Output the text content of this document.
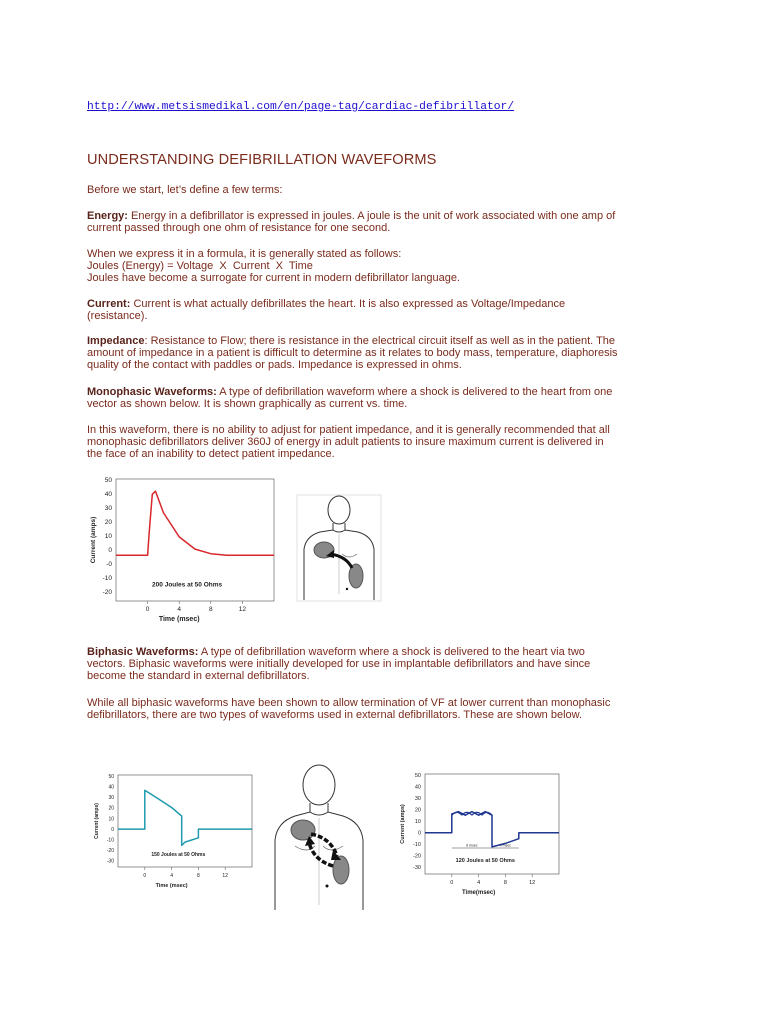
http://www.metsismedikal.com/en/page-tag/cardiac-defibrillator/
UNDERSTANDING DEFIBRILLATION WAVEFORMS
Before we start, let’s define a few terms:
Energy: Energy in a defibrillator is expressed in joules. A joule is the unit of work associated with one amp of
current passed through one ohm of resistance for one second.
When we express it in a formula, it is generally stated as follows:
Joules (Energy) = Voltage  X  Current  X  Time
Joules have become a surrogate for current in modern defibrillator language.
Current: Current is what actually defibrillates the heart. It is also expressed as Voltage/Impedance
(resistance).
Impedance: Resistance to Flow; there is resistance in the electrical circuit itself as well as in the patient. The
amount of impedance in a patient is difficult to determine as it relates to body mass, temperature, diaphoresis
quality of the contact with paddles or pads. Impedance is expressed in ohms.
Monophasic Waveforms: A type of defibrillation waveform where a shock is delivered to the heart from one
vector as shown below. It is shown graphically as current vs. time.
In this waveform, there is no ability to adjust for patient impedance, and it is generally recommended that all
monophasic defibrillators deliver 360J of energy in adult patients to insure maximum current is delivered in
the face of an inability to detect patient impedance.
50
40
30
20
10
0
-0
-10
-20
0	4	8	12
Time (msec)
Current (amps)
200 Joules at 50 Ohms
Biphasic Waveforms: A type of defibrillation waveform where a shock is delivered to the heart via two
vectors. Biphasic waveforms were initially developed for use in implantable defibrillators and have since
become the standard in external defibrillators.
While all biphasic waveforms have been shown to allow termination of VF at lower current than monophasic
defibrillators, there are two types of waveforms used in external defibrillators. These are shown below.
50
40
30
20
10
0
-10
-20
-30
0	4	8	12
Time (msec)
Current (amps)
150 Joules at 50 Ohms
50
40
30
20
10
0
-10
-20
-30
0	4	8	12
Time(msec)
Current (amps)
120 Joules at 50 Ohms
6 msec	4 msec
